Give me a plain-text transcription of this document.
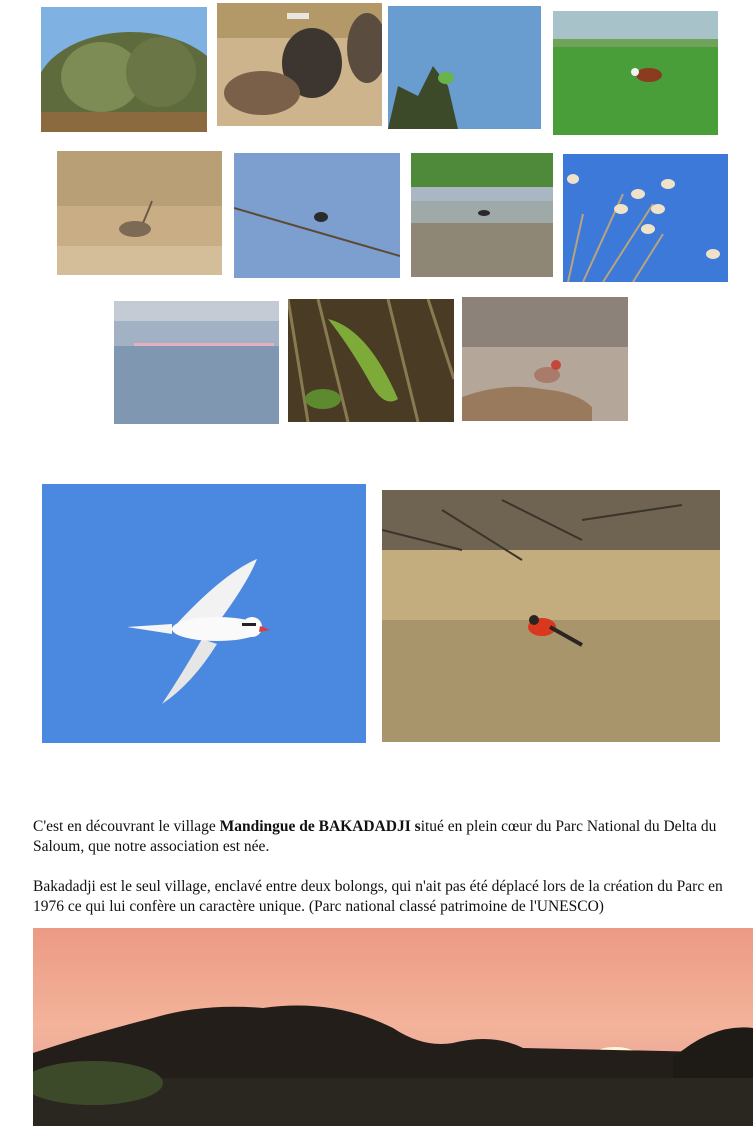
C'est en découvrant le village Mandingue de BAKADADJI situé en plein cœur du Parc National du Delta du Saloum, que notre association est née.
Bakadadji est le seul village, enclavé entre deux bolongs, qui n'ait pas été déplacé lors de la création du Parc en 1976 ce qui lui confère un caractère unique. (Parc national classé patrimoine de l'UNESCO)
